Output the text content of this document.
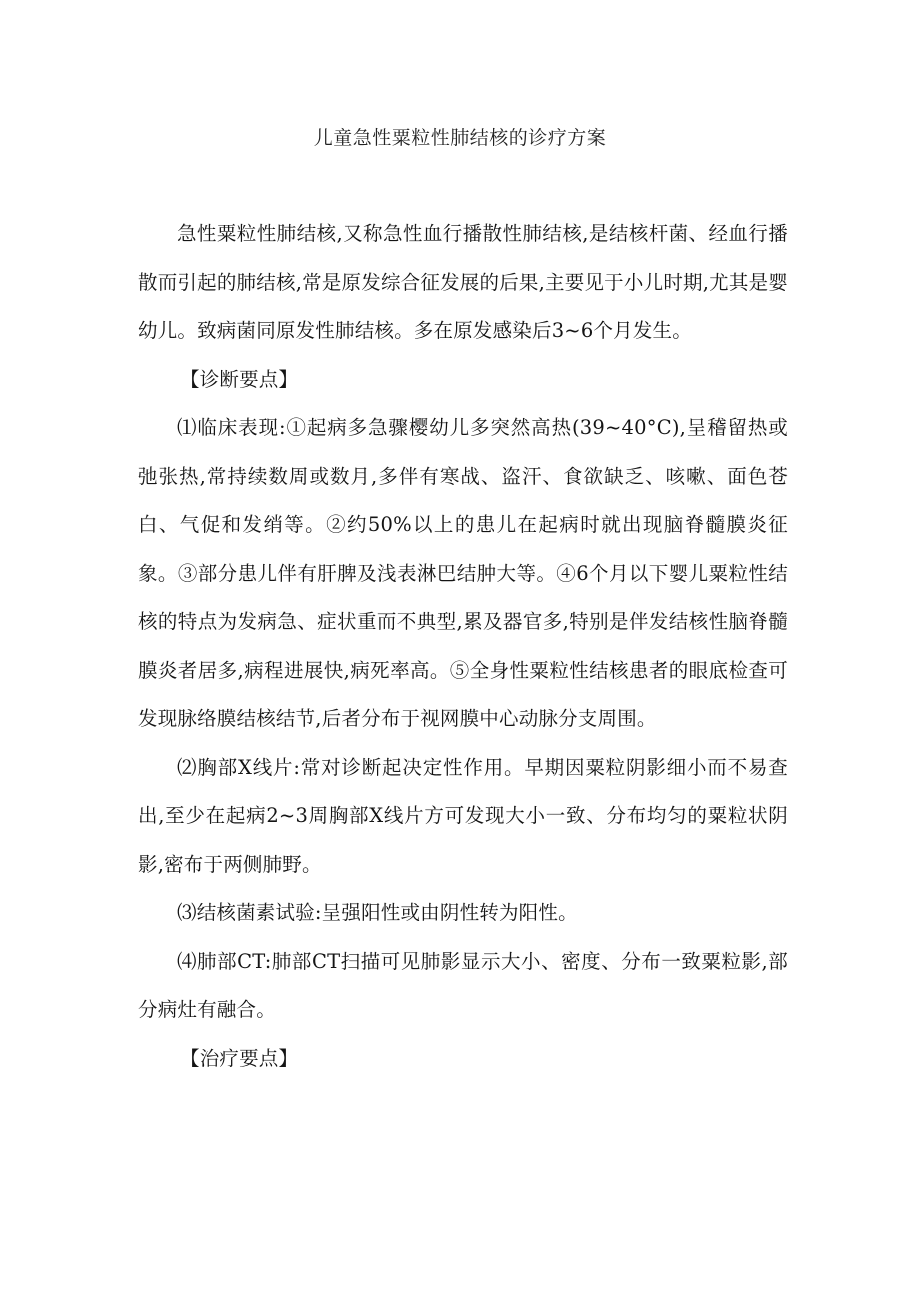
儿童急性粟粒性肺结核的诊疗方案

急性粟粒性肺结核,又称急性血行播散性肺结核,是结核杆菌、经血行播散而引起的肺结核,常是原发综合征发展的后果,主要见于小儿时期,尤其是婴幼儿。致病菌同原发性肺结核。多在原发感染后3~6个月发生。

【诊断要点】

⑴临床表现:①起病多急骤樱幼儿多突然高热(39~40°C),呈稽留热或弛张热,常持续数周或数月,多伴有寒战、盗汗、食欲缺乏、咳嗽、面色苍白、气促和发绡等。②约50%以上的患儿在起病时就出现脑脊髓膜炎征象。③部分患儿伴有肝脾及浅表淋巴结肿大等。④6个月以下婴儿粟粒性结核的特点为发病急、症状重而不典型,累及器官多,特别是伴发结核性脑脊髓膜炎者居多,病程进展快,病死率高。⑤全身性粟粒性结核患者的眼底检查可发现脉络膜结核结节,后者分布于视网膜中心动脉分支周围。

⑵胸部X线片:常对诊断起决定性作用。早期因粟粒阴影细小而不易查出,至少在起病2~3周胸部X线片方可发现大小一致、分布均匀的粟粒状阴影,密布于两侧肺野。

⑶结核菌素试验:呈强阳性或由阴性转为阳性。

⑷肺部CT:肺部CT扫描可见肺影显示大小、密度、分布一致粟粒影,部分病灶有融合。

【治疗要点】
